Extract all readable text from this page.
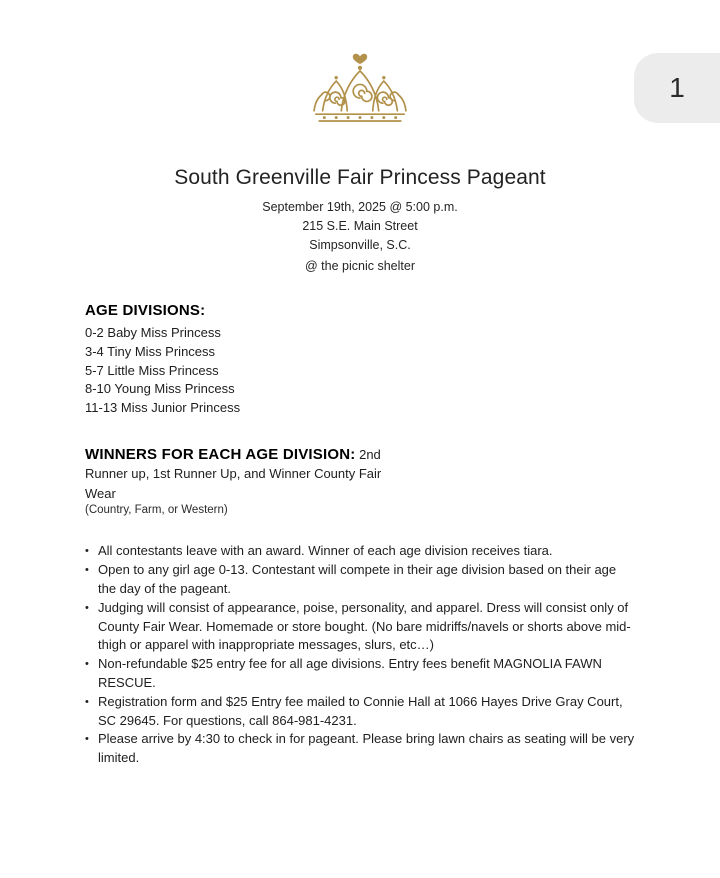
1
South Greenville Fair Princess Pageant
September 19th, 2025 @ 5:00 p.m.
215 S.E. Main Street
Simpsonville, S.C.
@ the picnic shelter
AGE DIVISIONS:
0-2 Baby Miss Princess
3-4 Tiny Miss Princess
5-7 Little Miss Princess
8-10 Young Miss Princess
11-13 Miss Junior Princess

WINNERS FOR EACH AGE DIVISION: 2nd Runner up, 1st Runner Up, and Winner County Fair Wear

(Country, Farm, or Western)
• All contestants leave with an award. Winner of each age division receives tiara.
• Open to any girl age 0-13. Contestant will compete in their age division based on their age the day of the pageant.
• Judging will consist of appearance, poise, personality, and apparel. Dress will consist only of County Fair Wear. Homemade or store bought. (No bare midriffs/navels or shorts above mid-thigh or apparel with inappropriate messages, slurs, etc…)
• Non-refundable $25 entry fee for all age divisions. Entry fees benefit MAGNOLIA FAWN RESCUE.
• Registration form and $25 Entry fee mailed to Connie Hall at 1066 Hayes Drive Gray Court, SC 29645. For questions, call 864-981-4231.
• Please arrive by 4:30 to check in for pageant. Please bring lawn chairs as seating will be very limited.
